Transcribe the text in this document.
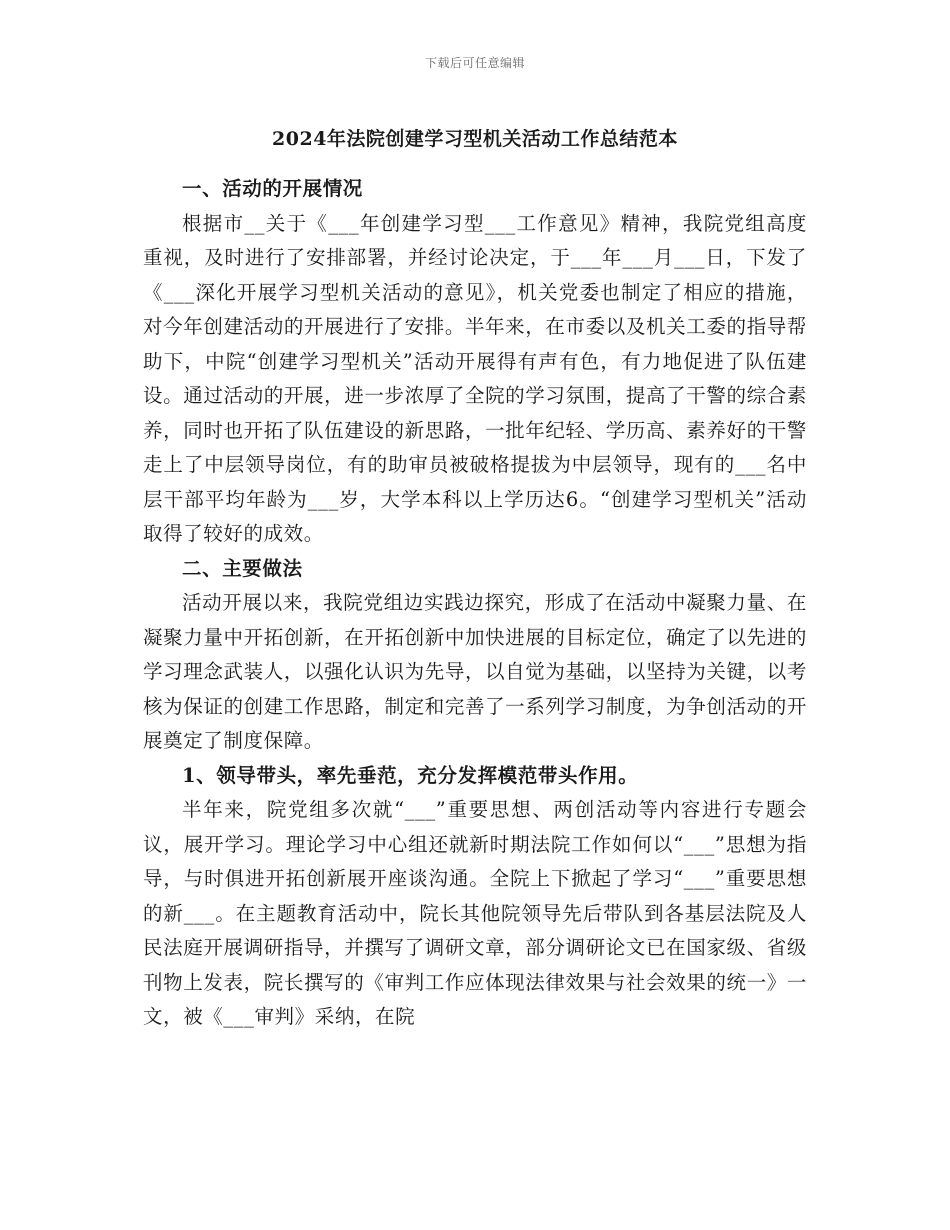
下载后可任意编辑
2024年法院创建学习型机关活动工作总结范本

一、活动的开展情况

根据市__关于《___年创建学习型___工作意见》精神，我院党组高度重视，及时进行了安排部署，并经讨论决定，于___年___月___日，下发了《___深化开展学习型机关活动的意见》，机关党委也制定了相应的措施，对今年创建活动的开展进行了安排。半年来，在市委以及机关工委的指导帮助下，中院“创建学习型机关”活动开展得有声有色，有力地促进了队伍建设。通过活动的开展，进一步浓厚了全院的学习氛围，提高了干警的综合素养，同时也开拓了队伍建设的新思路，一批年纪轻、学历高、素养好的干警走上了中层领导岗位，有的助审员被破格提拔为中层领导，现有的___名中层干部平均年龄为___岁，大学本科以上学历达6。“创建学习型机关”活动取得了较好的成效。

二、主要做法

活动开展以来，我院党组边实践边探究，形成了在活动中凝聚力量、在凝聚力量中开拓创新，在开拓创新中加快进展的目标定位，确定了以先进的学习理念武装人，以强化认识为先导，以自觉为基础，以坚持为关键，以考核为保证的创建工作思路，制定和完善了一系列学习制度，为争创活动的开展奠定了制度保障。

1、领导带头，率先垂范，充分发挥模范带头作用。

半年来，院党组多次就“___”重要思想、两创活动等内容进行专题会议，展开学习。理论学习中心组还就新时期法院工作如何以“___”思想为指导，与时俱进开拓创新展开座谈沟通。全院上下掀起了学习“___”重要思想的新___。在主题教育活动中，院长其他院领导先后带队到各基层法院及人民法庭开展调研指导，并撰写了调研文章，部分调研论文已在国家级、省级刊物上发表，院长撰写的《审判工作应体现法律效果与社会效果的统一》一文，被《___审判》采纳，在院
